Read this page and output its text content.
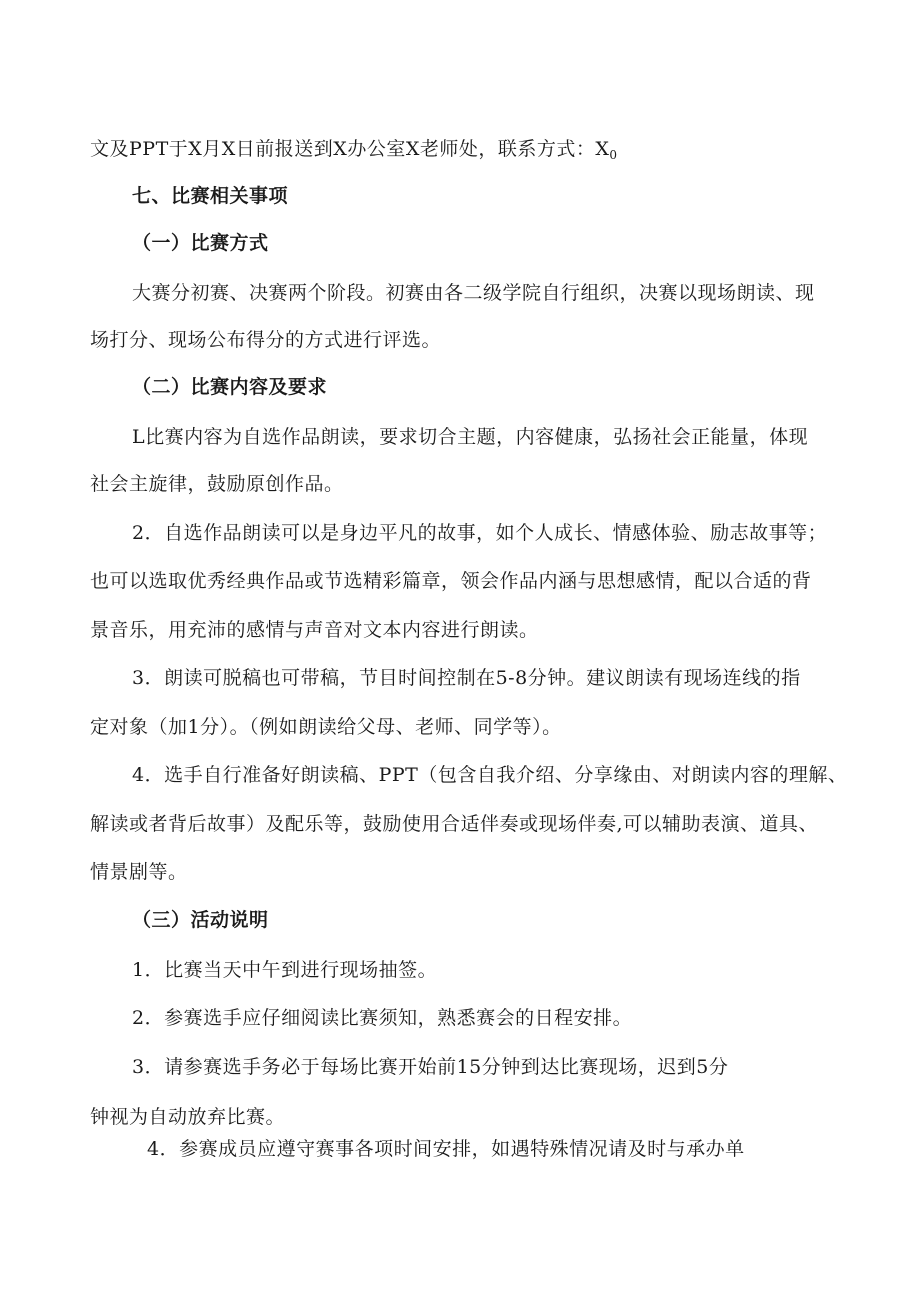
文及PPT于X月X日前报送到X办公室X老师处，联系方式：$X_0$
七、比赛相关事项
（一）比赛方式
大赛分初赛、决赛两个阶段。初赛由各二级学院自行组织，决赛以现场朗读、现
场打分、现场公布得分的方式进行评选。
（二）比赛内容及要求
L比赛内容为自选作品朗读，要求切合主题，内容健康，弘扬社会正能量，体现
社会主旋律，鼓励原创作品。
2．自选作品朗读可以是身边平凡的故事，如个人成长、情感体验、励志故事等；
也可以选取优秀经典作品或节选精彩篇章，领会作品内涵与思想感情，配以合适的背
景音乐，用充沛的感情与声音对文本内容进行朗读。
3．朗读可脱稿也可带稿，节目时间控制在5-8分钟。建议朗读有现场连线的指
定对象（加1分）。（例如朗读给父母、老师、同学等）。
4．选手自行准备好朗读稿、PPT（包含自我介绍、分享缘由、对朗读内容的理解、
解读或者背后故事）及配乐等，鼓励使用合适伴奏或现场伴奏,可以辅助表演、道具、
情景剧等。
（三）活动说明
1．比赛当天中午到进行现场抽签。
2．参赛选手应仔细阅读比赛须知，熟悉赛会的日程安排。
3．请参赛选手务必于每场比赛开始前15分钟到达比赛现场，迟到5分
钟视为自动放弃比赛。
4．参赛成员应遵守赛事各项时间安排，如遇特殊情况请及时与承办单
